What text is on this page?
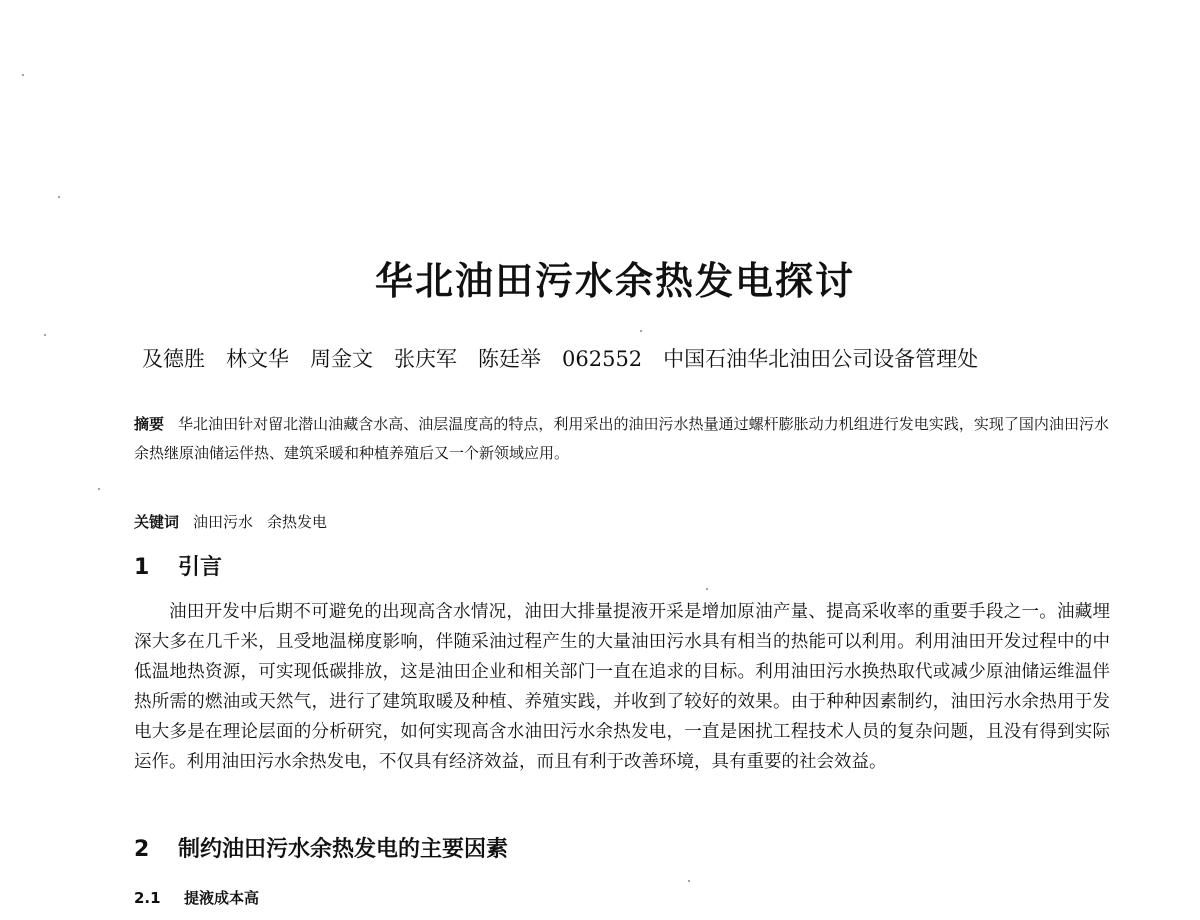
华北油田污水余热发电探讨
及德胜　林文华　周金文　张庆军　陈廷举　062552　中国石油华北油田公司设备管理处
摘要 华北油田针对留北潜山油藏含水高、油层温度高的特点，利用采出的油田污水热量通过螺杆膨胀动力机组进行发电实践，实现了国内油田污水余热继原油储运伴热、建筑采暖和种植养殖后又一个新领域应用。
关键词 油田污水 余热发电
1 引言
油田开发中后期不可避免的出现高含水情况，油田大排量提液开采是增加原油产量、提高采收率的重要手段之一。油藏埋深大多在几千米，且受地温梯度影响，伴随采油过程产生的大量油田污水具有相当的热能可以利用。利用油田开发过程中的中低温地热资源，可实现低碳排放，这是油田企业和相关部门一直在追求的目标。利用油田污水换热取代或减少原油储运维温伴热所需的燃油或天然气，进行了建筑取暖及种植、养殖实践，并收到了较好的效果。由于种种因素制约，油田污水余热用于发电大多是在理论层面的分析研究，如何实现高含水油田污水余热发电，一直是困扰工程技术人员的复杂问题，且没有得到实际运作。利用油田污水余热发电，不仅具有经济效益，而且有利于改善环境，具有重要的社会效益。
2 制约油田污水余热发电的主要因素
2.1 提液成本高
